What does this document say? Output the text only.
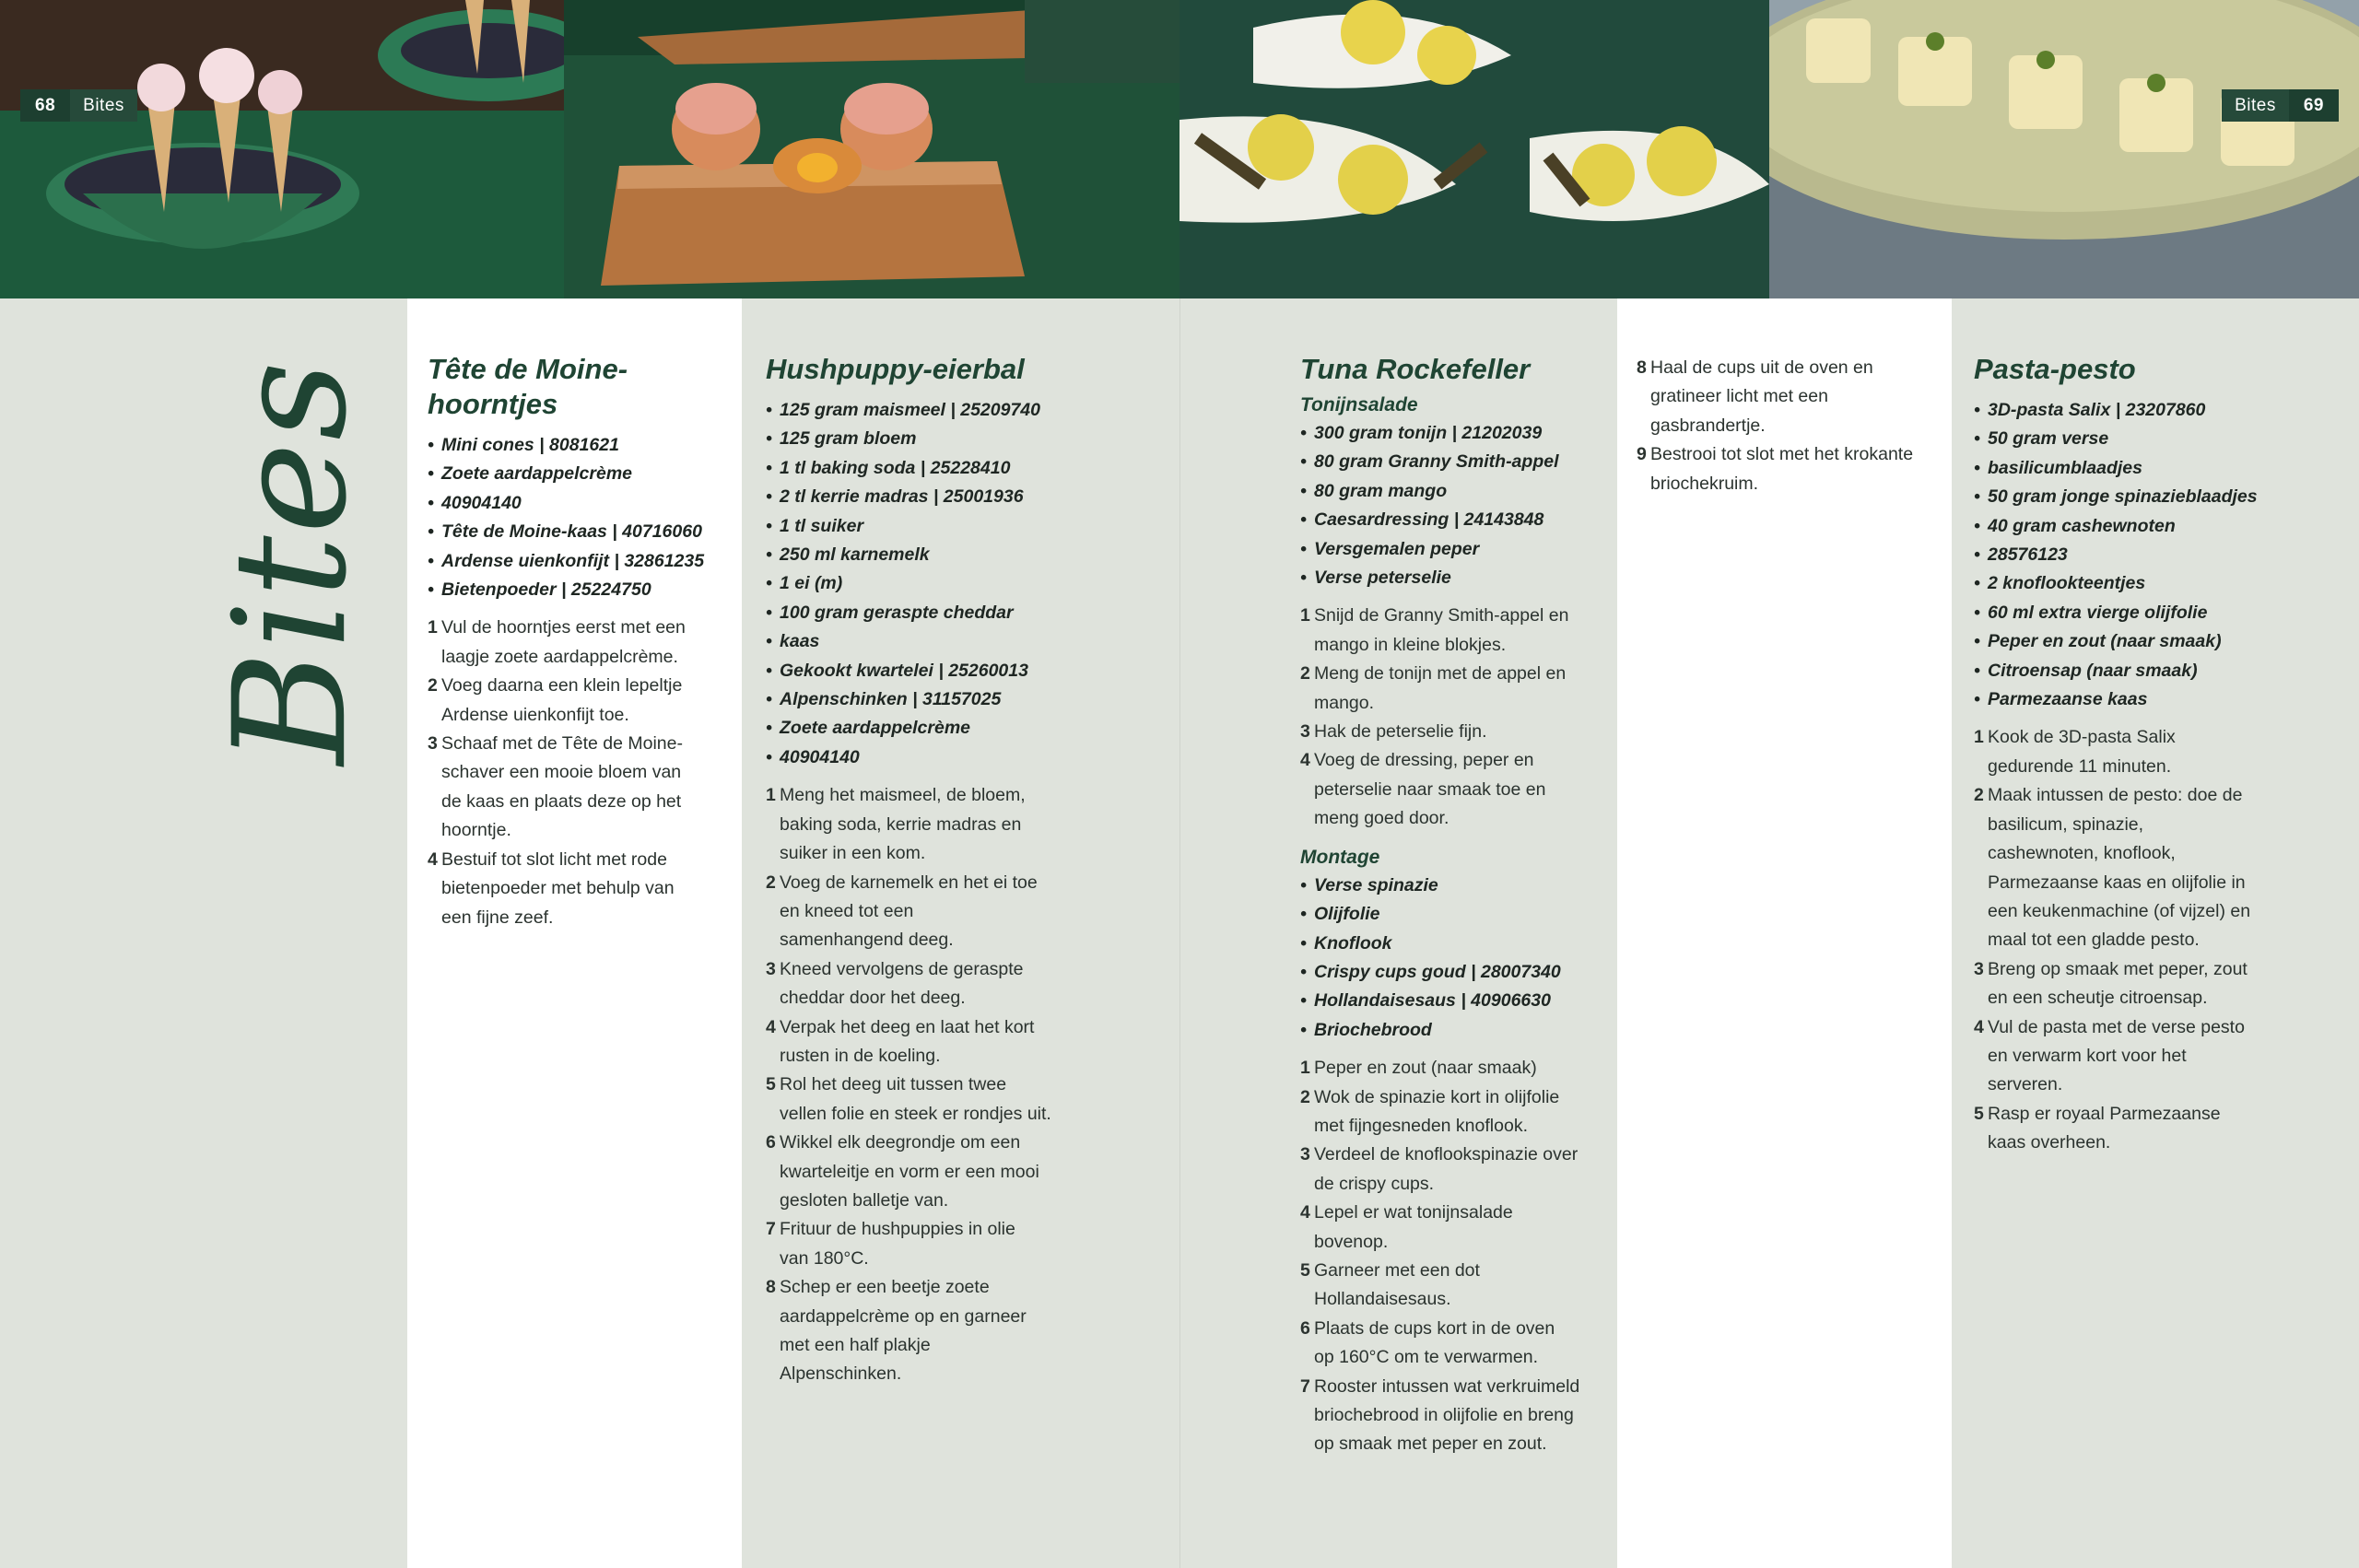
68	Bites	Bites	69
Bites Tête de Moine-
hoorntjes
• Mini cones | 8081621
• Zoete aardappelcrème
• 40904140
• Tête de Moine-kaas | 40716060
• Ardense uienkonfijt | 32861235
• Bietenpoeder | 25224750
1 Vul de hoorntjes eerst met een
laagje zoete aardappelcrème.
2 Voeg daarna een klein lepeltje
Ardense uienkonfijt toe.
3 Schaaf met de Tête de Moine-
schaver een mooie bloem van
de kaas en plaats deze op het
hoorntje.
4 Bestuif tot slot licht met rode
bietenpoeder met behulp van
een fijne zeef.
Hushpuppy-eierbal
• 125 gram maismeel | 25209740
• 125 gram bloem
• 1 tl baking soda | 25228410
• 2 tl kerrie madras | 25001936
• 1 tl suiker
• 250 ml karnemelk
• 1 ei (m)
• 100 gram geraspte cheddar
• kaas
• Gekookt kwartelei | 25260013
• Alpenschinken | 31157025
• Zoete aardappelcrème
• 40904140
1 Meng het maismeel, de bloem,
baking soda, kerrie madras en
suiker in een kom.
2 Voeg de karnemelk en het ei toe
en kneed tot een
samenhangend deeg.
3 Kneed vervolgens de geraspte
cheddar door het deeg.
4 Verpak het deeg en laat het kort
rusten in de koeling.
5 Rol het deeg uit tussen twee
vellen folie en steek er rondjes uit.
6 Wikkel elk deegrondje om een
kwarteleitje en vorm er een mooi
gesloten balletje van.
7 Frituur de hushpuppies in olie
van 180°C.
8 Schep er een beetje zoete
aardappelcrème op en garneer
met een half plakje
Alpenschinken.
Tuna Rockefeller
Tonijnsalade
• 300 gram tonijn | 21202039
• 80 gram Granny Smith-appel
• 80 gram mango
• Caesardressing | 24143848
• Versgemalen peper
• Verse peterselie
1 Snijd de Granny Smith-appel en
mango in kleine blokjes.
2 Meng de tonijn met de appel en
mango.
3 Hak de peterselie fijn.
4 Voeg de dressing, peper en
peterselie naar smaak toe en
meng goed door.
Montage
• Verse spinazie
• Olijfolie
• Knoflook
• Crispy cups goud | 28007340
• Hollandaisesaus | 40906630
• Briochebrood
1 Peper en zout (naar smaak)
2 Wok de spinazie kort in olijfolie
met fijngesneden knoflook.
3 Verdeel de knoflookspinazie over
de crispy cups.
4 Lepel er wat tonijnsalade
bovenop.
5 Garneer met een dot
Hollandaisesaus.
6 Plaats de cups kort in de oven
op 160°C om te verwarmen.
7 Rooster intussen wat verkruimeld
briochebrood in olijfolie en breng
op smaak met peper en zout.
8 Haal de cups uit de oven en
gratineer licht met een
gasbrandertje.
9 Bestrooi tot slot met het krokante
briochekruim.
Pasta-pesto
• 3D-pasta Salix | 23207860
• 50 gram verse
• basilicumblaadjes
• 50 gram jonge spinazieblaadjes
• 40 gram cashewnoten
• 28576123
• 2 knoflookteentjes
• 60 ml extra vierge olijfolie
• Peper en zout (naar smaak)
• Citroensap (naar smaak)
• Parmezaanse kaas
1 Kook de 3D-pasta Salix
gedurende 11 minuten.
2 Maak intussen de pesto: doe de
basilicum, spinazie,
cashewnoten, knoflook,
Parmezaanse kaas en olijfolie in
een keukenmachine (of vijzel) en
maal tot een gladde pesto.
3 Breng op smaak met peper, zout
en een scheutje citroensap.
4 Vul de pasta met de verse pesto
en verwarm kort voor het
serveren.
5 Rasp er royaal Parmezaanse
kaas overheen.
